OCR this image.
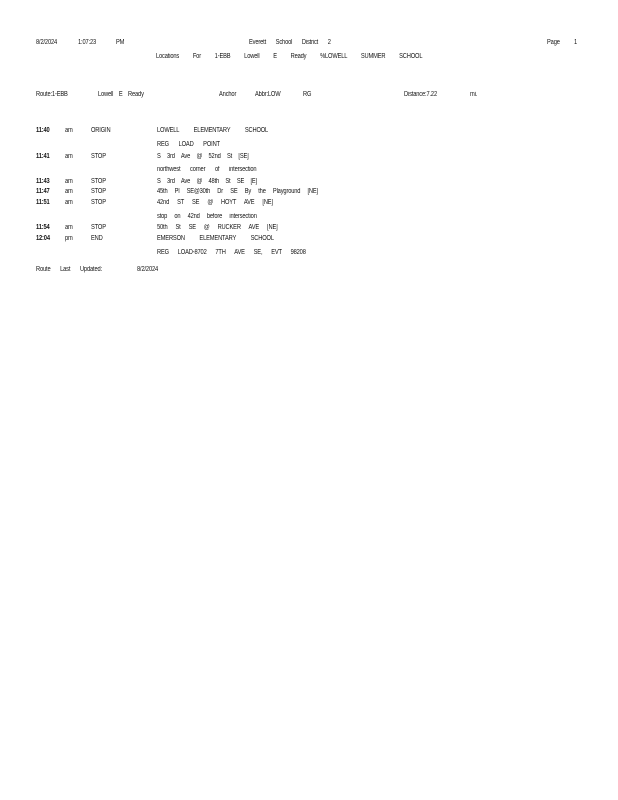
8/2/2024	1:07:23	PM	Everett School District 2	Page 1
Locations For 1-EBB Lowell E Ready %LOWELL SUMMER SCHOOL
Route:1-EBB	Lowell E Ready	Anchor	Abbr:LOW	RG	Distance:7.22	mi.
11:40 am	ORIGIN	LOWELL ELEMENTARY SCHOOL
REG LOAD POINT
11:41 am	STOP	S 3rd Ave @ 52nd St [SE]
northwest corner of intersection
11:43 am	STOP	S 3rd Ave @ 48th St SE [E]
11:47 am	STOP	45th Pl SE@30th Dr SE By the Playground [NE]
11:51 am	STOP	42nd ST SE @ HOYT AVE [NE]
stop on 42nd before intersection
11:54 am	STOP	50th St SE @ RUCKER AVE [NE]
12:04 pm	END	EMERSON ELEMENTARY SCHOOL
REG LOAD-8702 7TH AVE SE, EVT 98208
Route Last Updated:	8/2/2024
